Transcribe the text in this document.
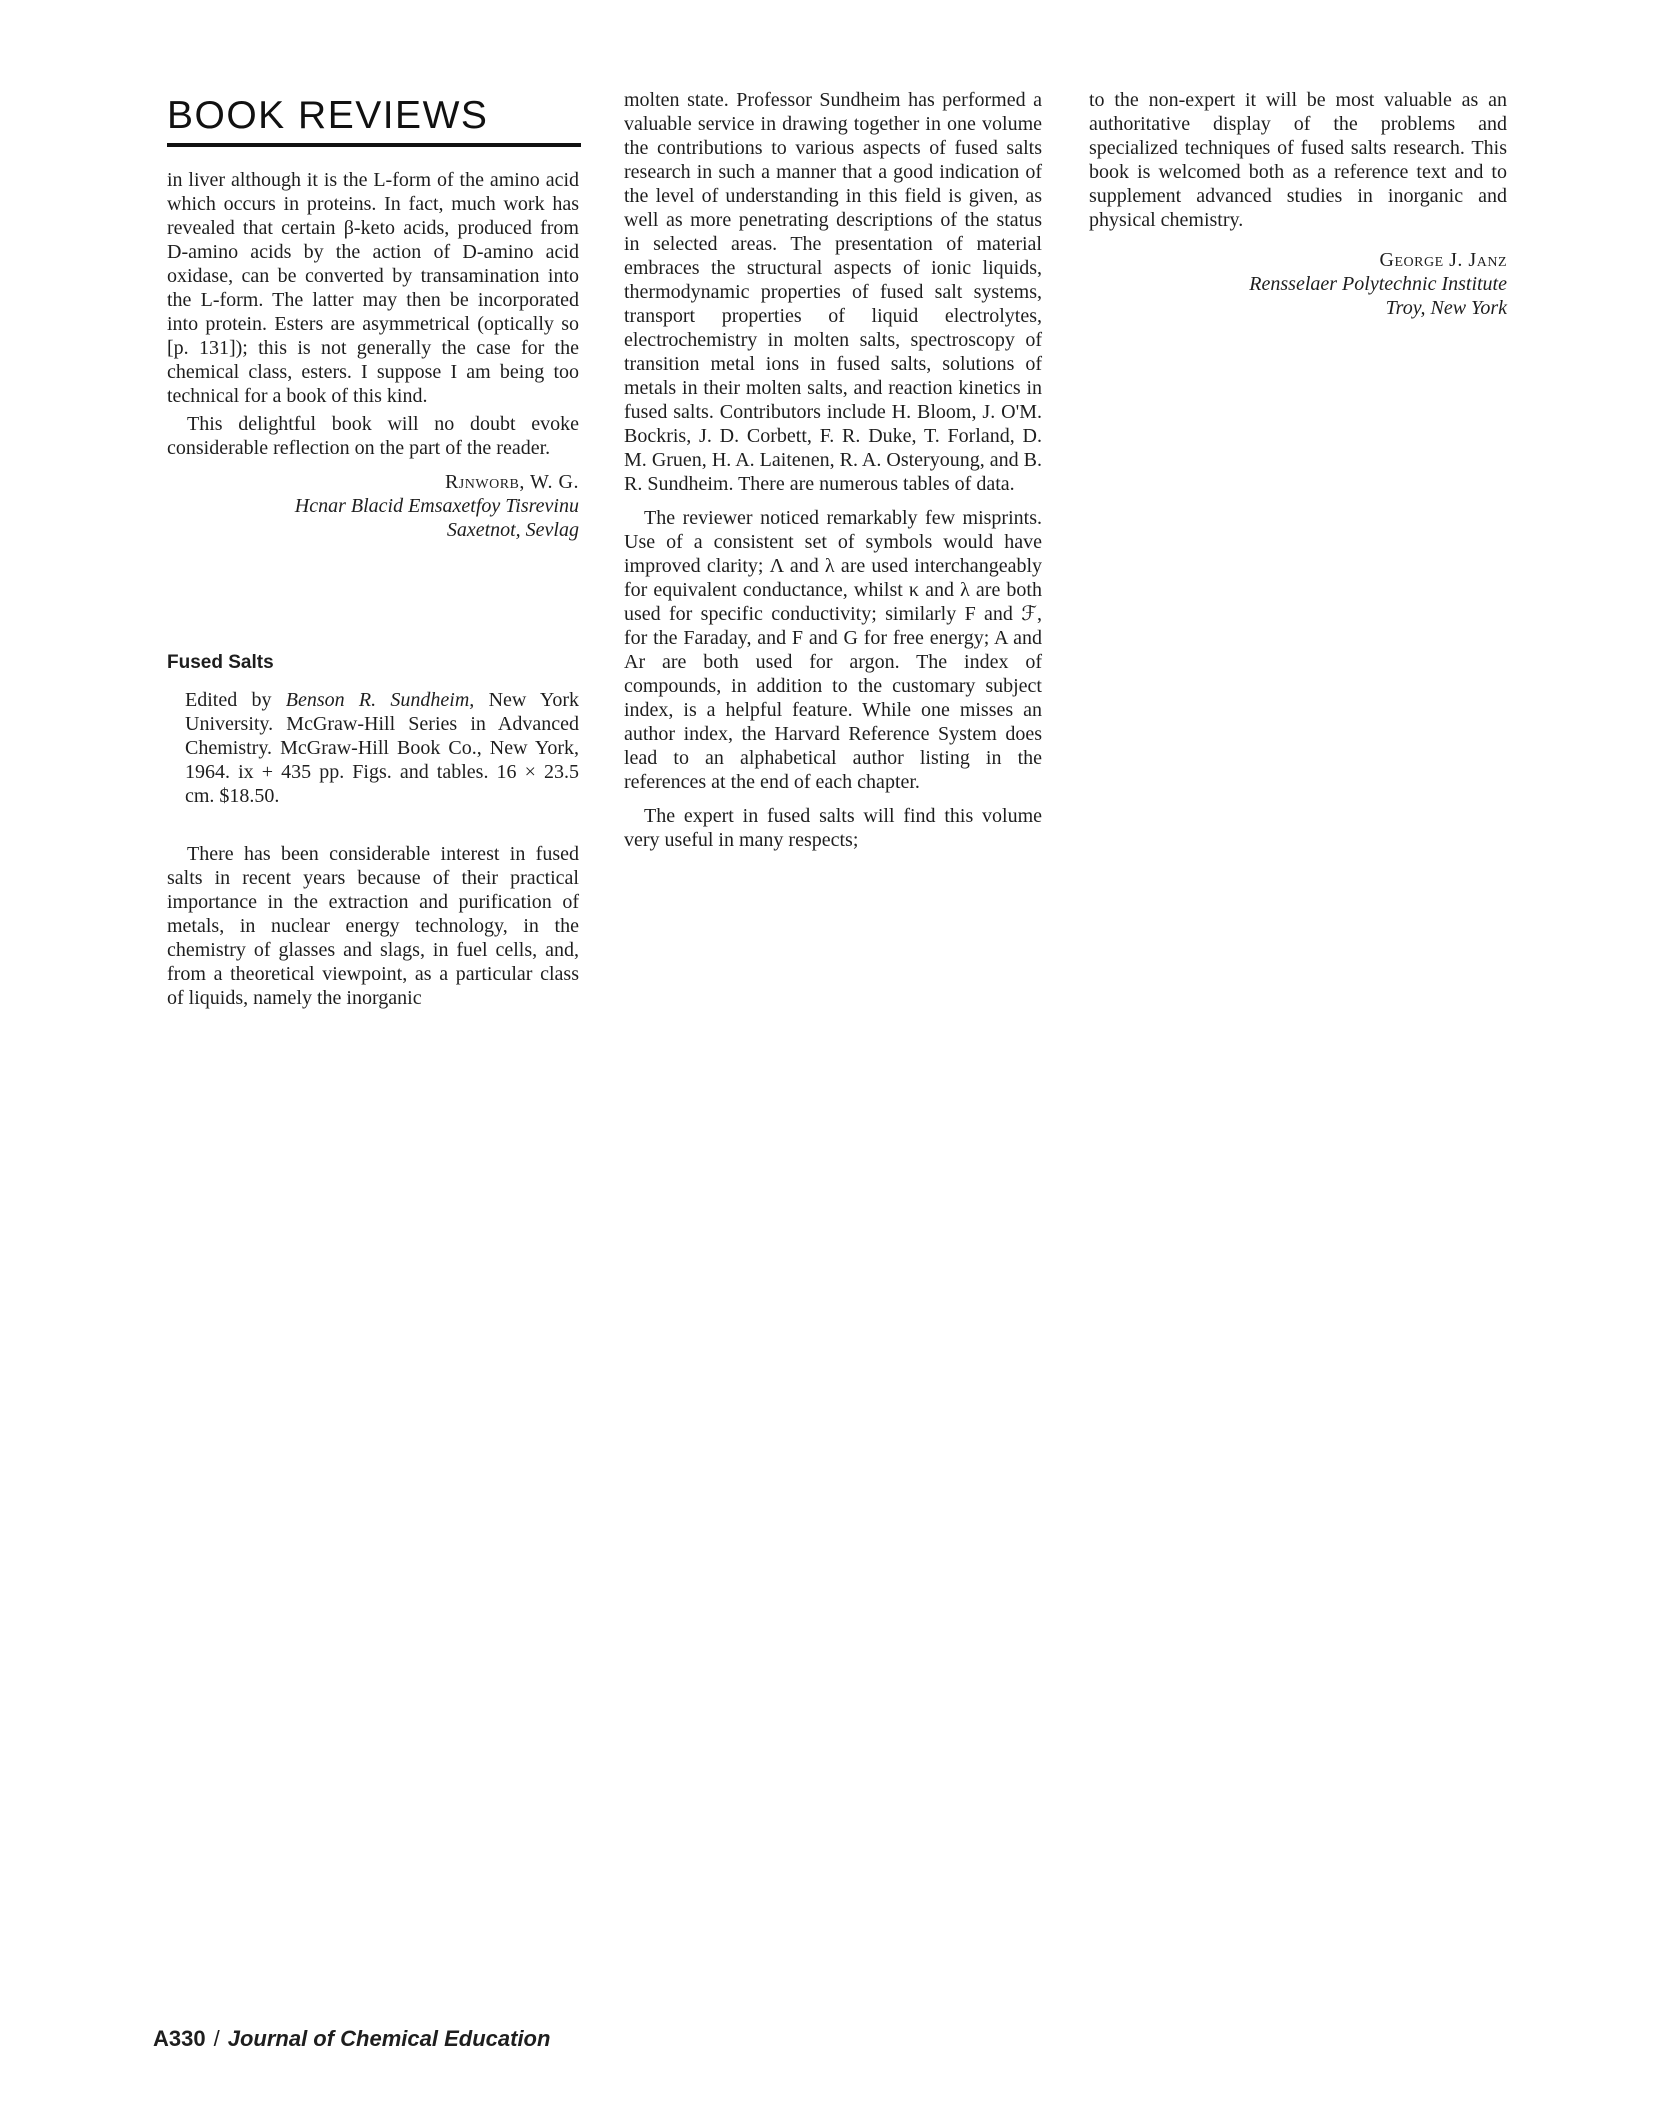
BOOK REVIEWS

in liver although it is the L-form of the amino acid which occurs in proteins. In fact, much work has revealed that certain β-keto acids, produced from D-amino acids by the action of D-amino acid oxidase, can be converted by transamination into the L-form. The latter may then be incorporated into protein. Esters are asymmetrical (optically so [p. 131]); this is not generally the case for the chemical class, esters. I suppose I am being too technical for a book of this kind.

This delightful book will no doubt evoke considerable reflection on the part of the reader.

Rjnworb, W. G.
Hcnar Blacid Emsaxetfoy Tisrevinu
Saxetnot, Sevlag
Fused Salts
Edited by Benson R. Sundheim, New York University. McGraw-Hill Series in Advanced Chemistry. McGraw-Hill Book Co., New York, 1964. ix + 435 pp. Figs. and tables. 16 × 23.5 cm. $18.50.

There has been considerable interest in fused salts in recent years because of their practical importance in the extraction and purification of metals, in nuclear energy technology, in the chemistry of glasses and slags, in fuel cells, and, from a theoretical viewpoint, as a particular class of liquids, namely the inorganic

molten state. Professor Sundheim has performed a valuable service in drawing together in one volume the contributions to various aspects of fused salts research in such a manner that a good indication of the level of understanding in this field is given, as well as more penetrating descriptions of the status in selected areas. The presentation of material embraces the structural aspects of ionic liquids, thermodynamic properties of fused salt systems, transport properties of liquid electrolytes, electrochemistry in molten salts, spectroscopy of transition metal ions in fused salts, solutions of metals in their molten salts, and reaction kinetics in fused salts. Contributors include H. Bloom, J. O'M. Bockris, J. D. Corbett, F. R. Duke, T. Forland, D. M. Gruen, H. A. Laitenen, R. A. Osteryoung, and B. R. Sundheim. There are numerous tables of data.

The reviewer noticed remarkably few misprints. Use of a consistent set of symbols would have improved clarity; Λ and λ are used interchangeably for equivalent conductance, whilst κ and λ are both used for specific conductivity; similarly F and ℱ, for the Faraday, and F and G for free energy; A and Ar are both used for argon. The index of compounds, in addition to the customary subject index, is a helpful feature. While one misses an author index, the Harvard Reference System does lead to an alphabetical author listing in the references at the end of each chapter.

The expert in fused salts will find this volume very useful in many respects;

to the non-expert it will be most valuable as an authoritative display of the problems and specialized techniques of fused salts research. This book is welcomed both as a reference text and to supplement advanced studies in inorganic and physical chemistry.

George J. Janz
Rensselaer Polytechnic Institute
Troy, New York
A330 / Journal of Chemical Education
